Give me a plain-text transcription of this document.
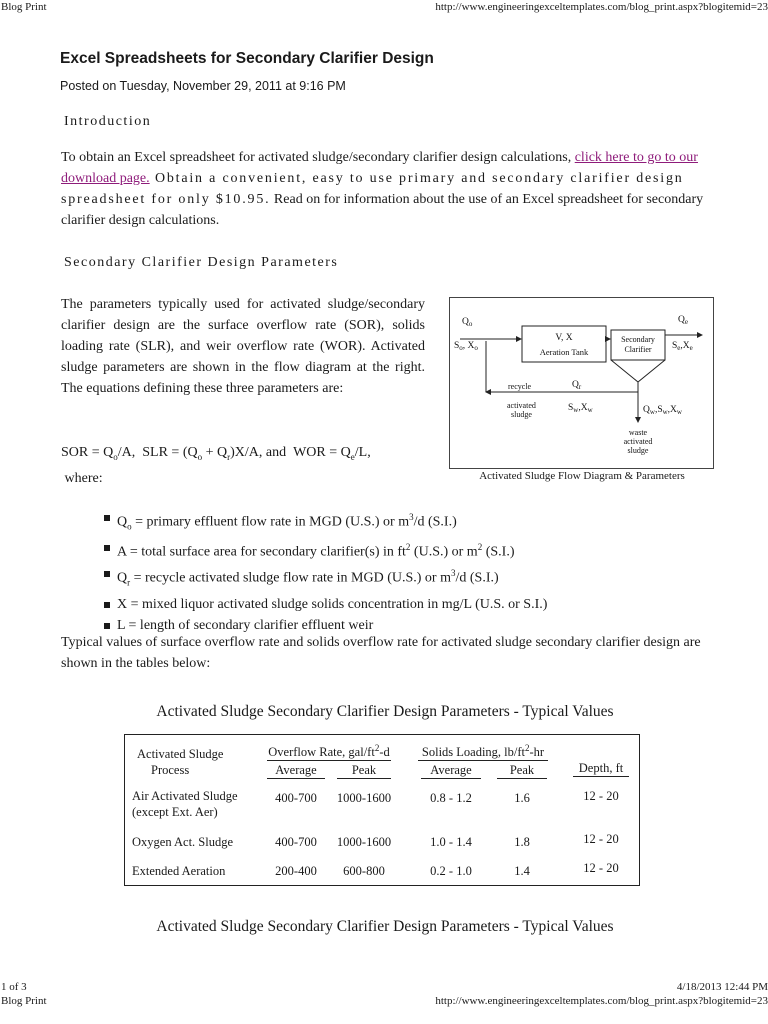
Blog Print	http://www.engineeringexceltemplates.com/blog_print.aspx?blogitemid=23
Excel Spreadsheets for Secondary Clarifier Design
Posted on Tuesday, November 29, 2011 at 9:16 PM
Introduction

To obtain an Excel spreadsheet for activated sludge/secondary clarifier design calculations, click here to go to our download page. Obtain a convenient, easy to use primary and secondary clarifier design spreadsheet for only $10.95. Read on for information about the use of an Excel spreadsheet for secondary clarifier design calculations.

Secondary Clarifier Design Parameters

The parameters typically used for activated sludge/secondary clarifier design are the surface overflow rate (SOR), solids loading rate (SLR), and weir overflow rate (WOR). Activated sludge parameters are shown in the flow diagram at the right. The equations defining these three parameters are:

SOR = $Q_o/A$,  SLR = $(Q_o + Q_r)X/A$, and  WOR = $Q_e/L$,
where:

$Q_o$
$S_o$, $X_o$
V, X
Aeration Tank
Secondary
Clarifier
$Q_e$
$S_e,X_e$
recycle	$Q_r$
activated
sludge
$S_w,X_w$	$Q_w,S_w,X_w$
waste
activated
sludge
Activated Sludge Flow Diagram & Parameters
$Q_o$ = primary effluent flow rate in MGD (U.S.) or $m^3/d$ (S.I.)
A = total surface area for secondary clarifier(s) in $ft^2$ (U.S.) or $m^2$ (S.I.)
$Q_r$ = recycle activated sludge flow rate in MGD (U.S.) or $m^3/d$ (S.I.)
X = mixed liquor activated sludge solids concentration in mg/L (U.S. or S.I.)
L = length of secondary clarifier effluent weir

Typical values of surface overflow rate and solids overflow rate for activated sludge secondary clarifier design are shown in the tables below:

Activated Sludge Secondary Clarifier Design Parameters - Typical Values
Activated Sludge
Process
Overflow Rate, gal/$ft^2-d$	Solids Loading, $lb/ft^2-hr$
Average	Peak	Average	Peak	Depth, ft
Air Activated Sludge
(except Ext. Aer)
400-700	1000-1600	0.8 - 1.2	1.6	12 - 20
Oxygen Act. Sludge	400-700	1000-1600	1.0 - 1.4	1.8	12 - 20
Extended Aeration	200-400	600-800	0.2 - 1.0	1.4	12 - 20
Activated Sludge Secondary Clarifier Design Parameters - Typical Values
1 of 3	4/18/2013 12:44 PM
Blog Print	http://www.engineeringexceltemplates.com/blog_print.aspx?blogitemid=23
